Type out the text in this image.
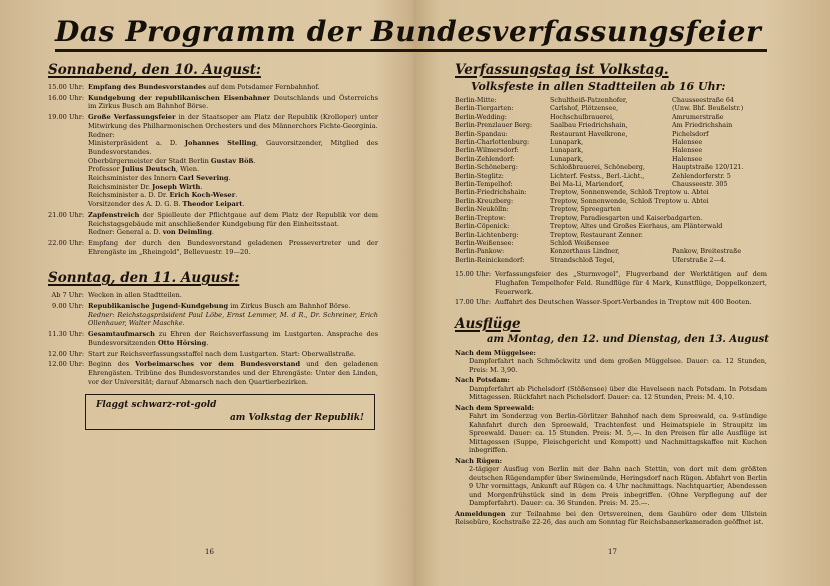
Das Programm der Bundesverfassungsfeier
Sonnabend, den 10. August:
15.00 Uhr: Empfang des Bundesvorstandes auf dem Potsdamer Fernbahnhof.
16.00 Uhr: Kundgebung der republikanischen Eisenbahner Deutschlands und Österreichs im Zirkus Busch am Bahnhof Börse.
19.00 Uhr: Große Verfassungsfeier in der Staatsoper am Platz der Republik (Krolloper) unter Mitwirkung des Philharmonischen Orchesters und des Männerchors Fichte-Georginia.
Redner:
Ministerpräsident a. D. Johannes Stelling, Gauvorsitzender, Mitglied des Bundesvorstandes.
Oberbürgermeister der Stadt Berlin Gustav Böß.
Professor Julius Deutsch, Wien.
Reichsminister des Innern Carl Severing.
Reichsminister Dr. Joseph Wirth.
Reichsminister a. D. Dr. Erich Koch-Weser.
Vorsitzender des A. D. G. B. Theodor Leipart.
21.00 Uhr: Zapfenstreich der Spielleute der Pflichtgaue auf dem Platz der Republik vor dem Reichstagsgebäude mit anschließender Kundgebung für den Einheitsstaat.
Redner: General a. D. von Deimling.
22.00 Uhr: Empfang der durch den Bundesvorstand geladenen Pressevertreter und der Ehrengäste im „Rheingold", Bellevuestr. 19—20.
Sonntag, den 11. August:
Ab 7 Uhr: Wecken in allen Stadtteilen.
9.00 Uhr: Republikanische Jugend-Kundgebung im Zirkus Busch am Bahnhof Börse.
Redner: Reichstagspräsident Paul Löbe, Ernst Lemmer, M. d R., Dr. Schreiner, Erich Ollenhauer, Walter Maschke.
11.30 Uhr: Gesamtaufmarsch zu Ehren der Reichsverfassung im Lustgarten. Ansprache des Bundesvorsitzenden Otto Hörsing.
12.00 Uhr: Start zur Reichsverfassungsstaffel nach dem Lustgarten. Start: Oberwallstraße.
12.00 Uhr: Beginn des Vorbeimarsches vor dem Bundesvorstand und den geladenen Ehrengästen. Tribüne des Bundesvorstandes und der Ehrengäste: Unter den Linden, vor der Universität; darauf Abmarsch nach den Quartierbezirken.
Flaggt schwarz-rot-gold
am Volkstag der Republik!
16
Verfassungstag ist Volkstag.
Volksfeste in allen Stadtteilen ab 16 Uhr:
Berlin-Mitte:	Schultheiß-Patzenhofer,	Chausseestraße 64
Berlin-Tiergarten:	Carlshof, Plötzensee,	(Unw. Bhf. Beußelstr.)
Berlin-Wedding:	Hochschulbrauerei,	Amrumerstraße
Berlin-Prenzlauer Berg:	Saalbau Friedrichshain,	Am Friedrichshain
Berlin-Spandau:	Restaurant Havelkrone,	Pichelsdorf
Berlin-Charlottenburg:	Lunapark,	Halensee
Berlin-Wilmersdorf:	Lunapark,	Halensee
Berlin-Zehlendorf:	Lunapark,	Halensee
Berlin-Schöneberg:	Schloßbrauerei, Schöneberg,	Hauptstraße 120/121.
Berlin-Steglitz:	Lichterf. Festss., Berl.-Licht.,	Zehlendorferstr. 5
Berlin-Tempelhof:	Bei Ma-Li, Mariendorf,	Chausseestr. 305
Berlin-Friedrichshain:	Treptow, Sonnenwende, Schloß Treptow u. Abtei
Berlin-Kreuzberg:	Treptow, Sonnenwende, Schloß Treptow u. Abtei
Berlin-Neukölln:	Treptow, Spreegarten
Berlin-Treptow:	Treptow, Paradiesgarten und Kaiserbadgarten.
Berlin-Cöpenick:	Treptow, Altes und Großes Eierhaus, am Plänterwald
Berlin-Lichtenberg:	Treptow, Restaurant Zenner.
Berlin-Weißensee:	Schloß Weißensee
Berlin-Pankow:	Konzerthaus Lindner,	Pankow, Breitestraße
Berlin-Reinickendorf:	Strandschloß Tegel,	Uferstraße 2—4.
15.00 Uhr: Verfassungsfeier des „Sturmvogel", Flugverband der Werktätigen auf dem Flughafen Tempelhofer Feld. Rundflüge für 4 Mark, Kunstflüge, Doppelkonzert, Feuerwerk.
17.00 Uhr: Auffahrt des Deutschen Wasser-Sport-Verbandes in Treptow mit 400 Booten.
Ausflüge
am Montag, den 12. und Dienstag, den 13. August
Nach dem Müggelsee:
Dampferfahrt nach Schmöckwitz und dem großen Müggelsee. Dauer: ca. 12 Stunden, Preis: M. 3,90.
Nach Potsdam:
Dampferfahrt ab Pichelsdorf (Stößensee) über die Havelseen nach Potsdam. In Potsdam Mittagessen. Rückfahrt nach Pichelsdorf. Dauer: ca. 12 Stunden, Preis: M. 4,10.
Nach dem Spreewald:
Fahrt im Sonderzug von Berlin-Görlitzer Bahnhof nach dem Spreewald, ca. 9-stündige Kahnfahrt durch den Spreewald, Trachtenfest und Heimatspiele in Straupitz im Spreewald. Dauer: ca. 15 Stunden. Preis: M. 5,—. In den Preisen für alle Ausflüge ist Mittagessen (Suppe, Fleischgericht und Kompott) und Nachmittagskaffee mit Kuchen inbegriffen.
Nach Rügen:
2-tägiger Ausflug von Berlin mit der Bahn nach Stettin, von dort mit dem größten deutschen Rügendampfer über Swinemünde, Heringsdorf nach Rügen. Abfahrt von Berlin 9 Uhr vormittags, Ankunft auf Rügen ca. 4 Uhr nachmittags. Nachtquartier, Abendessen und Morgenfrühstück sind in dem Preis inbegriffen. (Ohne Verpflegung auf der Dampferfahrt). Dauer: ca. 36 Stunden. Preis: M. 25.—.
Anmeldungen zur Teilnahme bei den Ortsvereinen, dem Gaubüro oder dem Ullstein Reisebüro, Kochstraße 22-26, das auch am Sonntag für Reichsbannerkameraden geöffnet ist.
17
